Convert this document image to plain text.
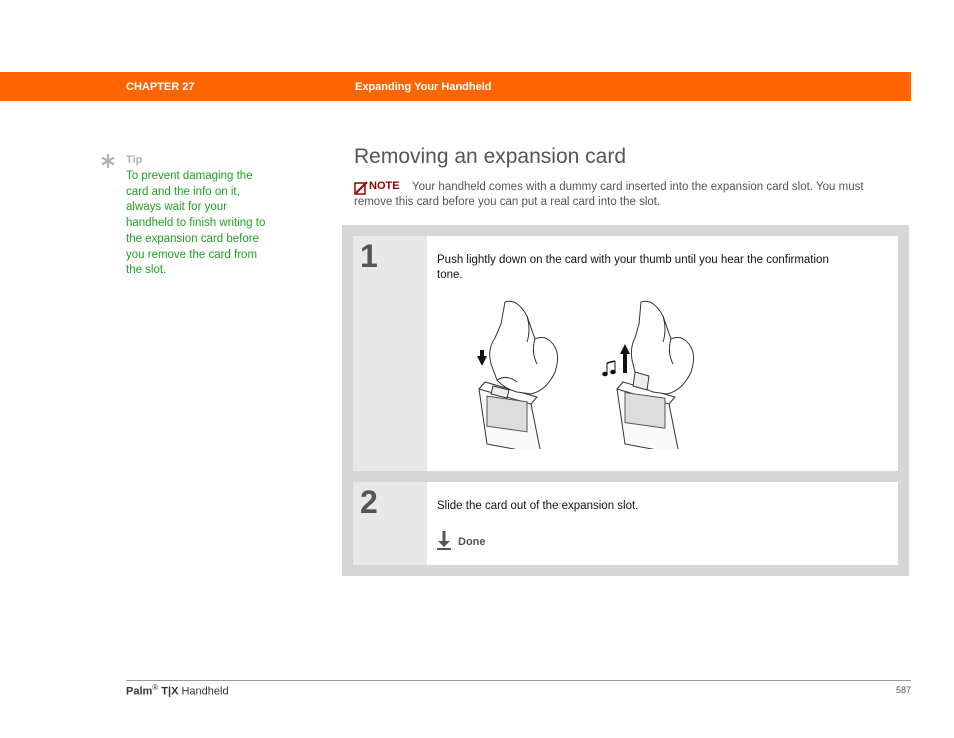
CHAPTER 27	Expanding Your Handheld
Tip
To prevent damaging the card and the info on it, always wait for your handheld to finish writing to the expansion card before you remove the card from the slot.
Removing an expansion card
Your handheld comes with a dummy card inserted into the expansion card slot. You must remove this card before you can put a real card into the slot.
NOTE
1	Push lightly down on the card with your thumb until you hear the confirmation tone.
2	Slide the card out of the expansion slot.
Done
Palm® T|X Handheld	587
